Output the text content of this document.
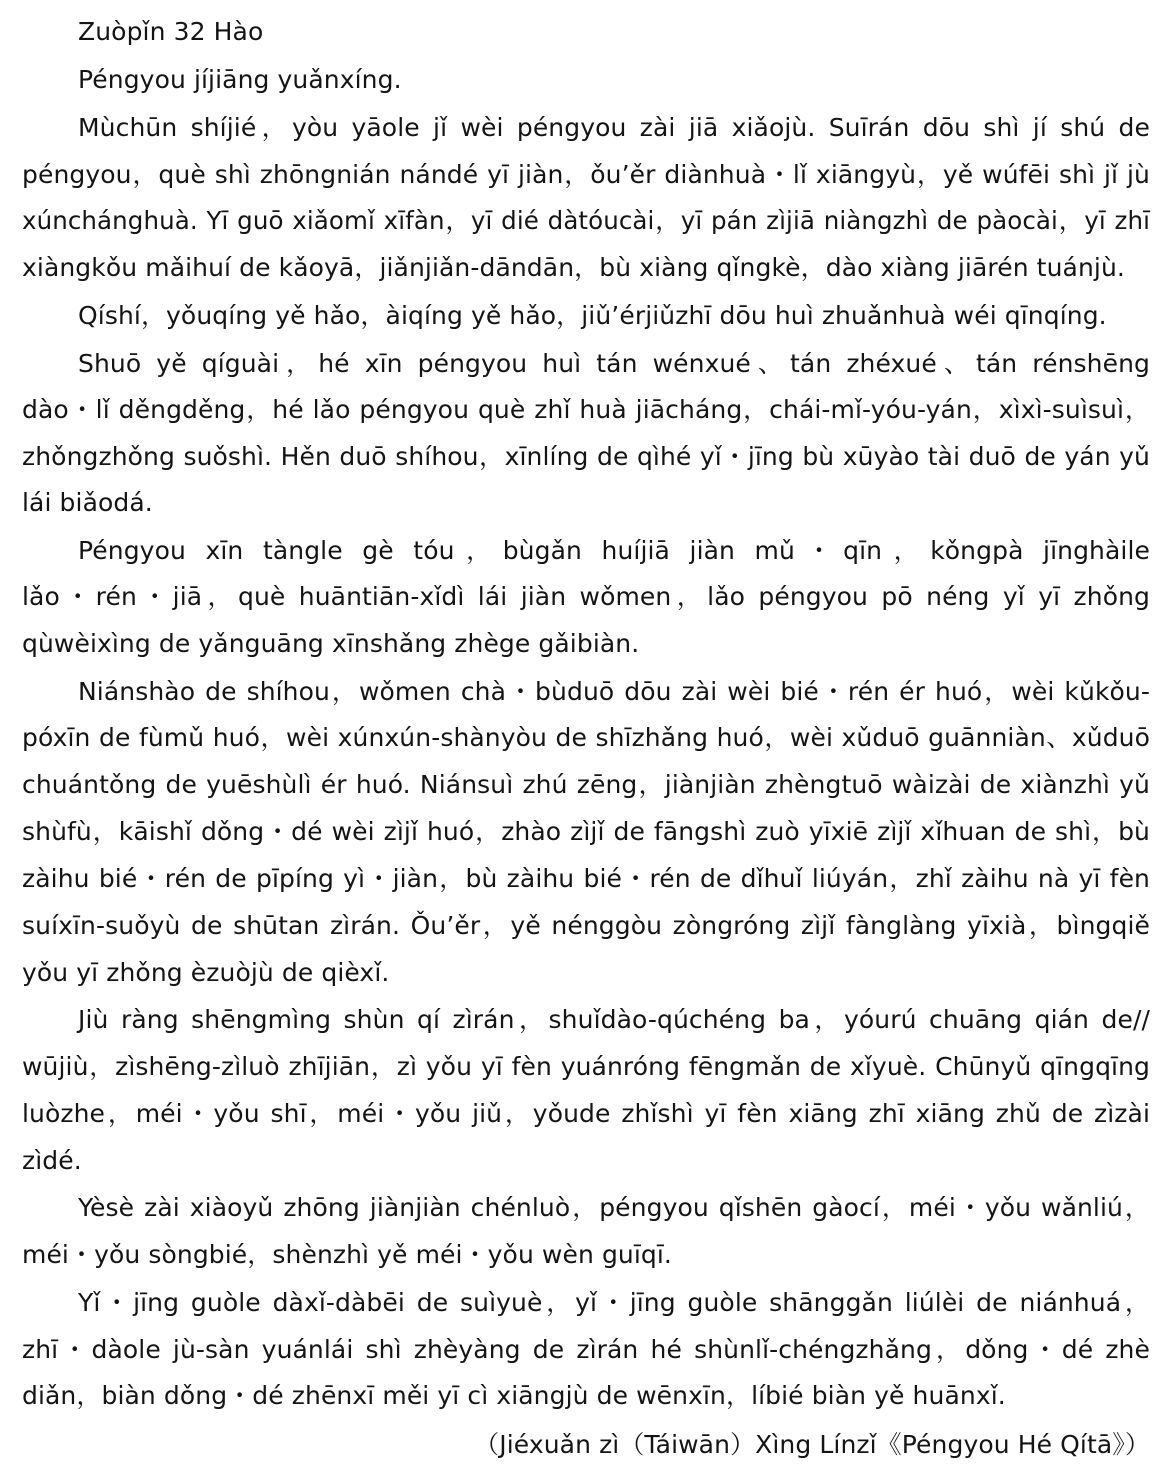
Zuòpǐn 32 Hào
Péngyou jíjiāng yuǎnxíng.
Mùchūn shíjié，yòu yāole jǐ wèi péngyou zài jiā xiǎojù. Suīrán dōu shì jí shú de
péngyou，què shì zhōngnián nándé yī jiàn，ǒu’ěr diànhuà・lǐ xiāngyù，yě wúfēi shì jǐ jù
xúnchánghuà. Yī guō xiǎomǐ xīfàn，yī dié dàtóucài，yī pán zìjiā niàngzhì de pàocài，yī zhī
xiàngkǒu mǎihuí de kǎoyā，jiǎnjiǎn-dāndān，bù xiàng qǐngkè，dào xiàng jiārén tuánjù.
Qíshí，yǒuqíng yě hǎo，àiqíng yě hǎo，jiǔ’érjiǔzhī dōu huì zhuǎnhuà wéi qīnqíng.
Shuō yě qíguài，hé xīn péngyou huì tán wénxué、tán zhéxué、tán rénshēng
dào・lǐ děngděng，hé lǎo péngyou què zhǐ huà jiācháng，chái-mǐ-yóu-yán，xìxì-suìsuì，
zhǒngzhǒng suǒshì. Hěn duō shíhou，xīnlíng de qìhé yǐ・jīng bù xūyào tài duō de yán yǔ
lái biǎodá.
Péngyou xīn tàngle gè tóu，bùgǎn huíjiā jiàn mǔ・qīn，kǒngpà jīnghàile
lǎo・rén・jiā，què huāntiān-xǐdì lái jiàn wǒmen，lǎo péngyou pō néng yǐ yī zhǒng
qùwèixìng de yǎnguāng xīnshǎng zhège gǎibiàn.
Niánshào de shíhou，wǒmen chà・bùduō dōu zài wèi bié・rén ér huó，wèi kǔkǒu-
póxīn de fùmǔ huó，wèi xúnxún-shànyòu de shīzhǎng huó，wèi xǔduō guānniàn、xǔduō
chuántǒng de yuēshùlì ér huó. Niánsuì zhú zēng，jiànjiàn zhèngtuō wàizài de xiànzhì yǔ
shùfù，kāishǐ dǒng・dé wèi zìjǐ huó，zhào zìjǐ de fāngshì zuò yīxiē zìjǐ xǐhuan de shì，bù
zàihu bié・rén de pīpíng yì・jiàn，bù zàihu bié・rén de dǐhuǐ liúyán，zhǐ zàihu nà yī fèn
suíxīn-suǒyù de shūtan zìrán. Ǒu’ěr，yě nénggòu zòngróng zìjǐ fànglàng yīxià，bìngqiě
yǒu yī zhǒng èzuòjù de qièxǐ.
Jiù ràng shēngmìng shùn qí zìrán，shuǐdào-qúchéng ba，yóurú chuāng qián de//
wūjiù，zìshēng-zìluò zhījiān，zì yǒu yī fèn yuánróng fēngmǎn de xǐyuè. Chūnyǔ qīngqīng
luòzhe，méi・yǒu shī，méi・yǒu jiǔ，yǒude zhǐshì yī fèn xiāng zhī xiāng zhǔ de zìzài
zìdé.
Yèsè zài xiàoyǔ zhōng jiànjiàn chénluò，péngyou qǐshēn gàocí，méi・yǒu wǎnliú，
méi・yǒu sòngbié，shènzhì yě méi・yǒu wèn guīqī.
Yǐ・jīng guòle dàxǐ-dàbēi de suìyuè，yǐ・jīng guòle shānggǎn liúlèi de niánhuá，
zhī・dàole jù-sàn yuánlái shì zhèyàng de zìrán hé shùnlǐ-chéngzhǎng，dǒng・dé zhè
diǎn，biàn dǒng・dé zhēnxī měi yī cì xiāngjù de wēnxīn，líbié biàn yě huānxǐ.
（Jiéxuǎn zì（Táiwān）Xìng Línzǐ《Péngyou Hé Qítā》）
